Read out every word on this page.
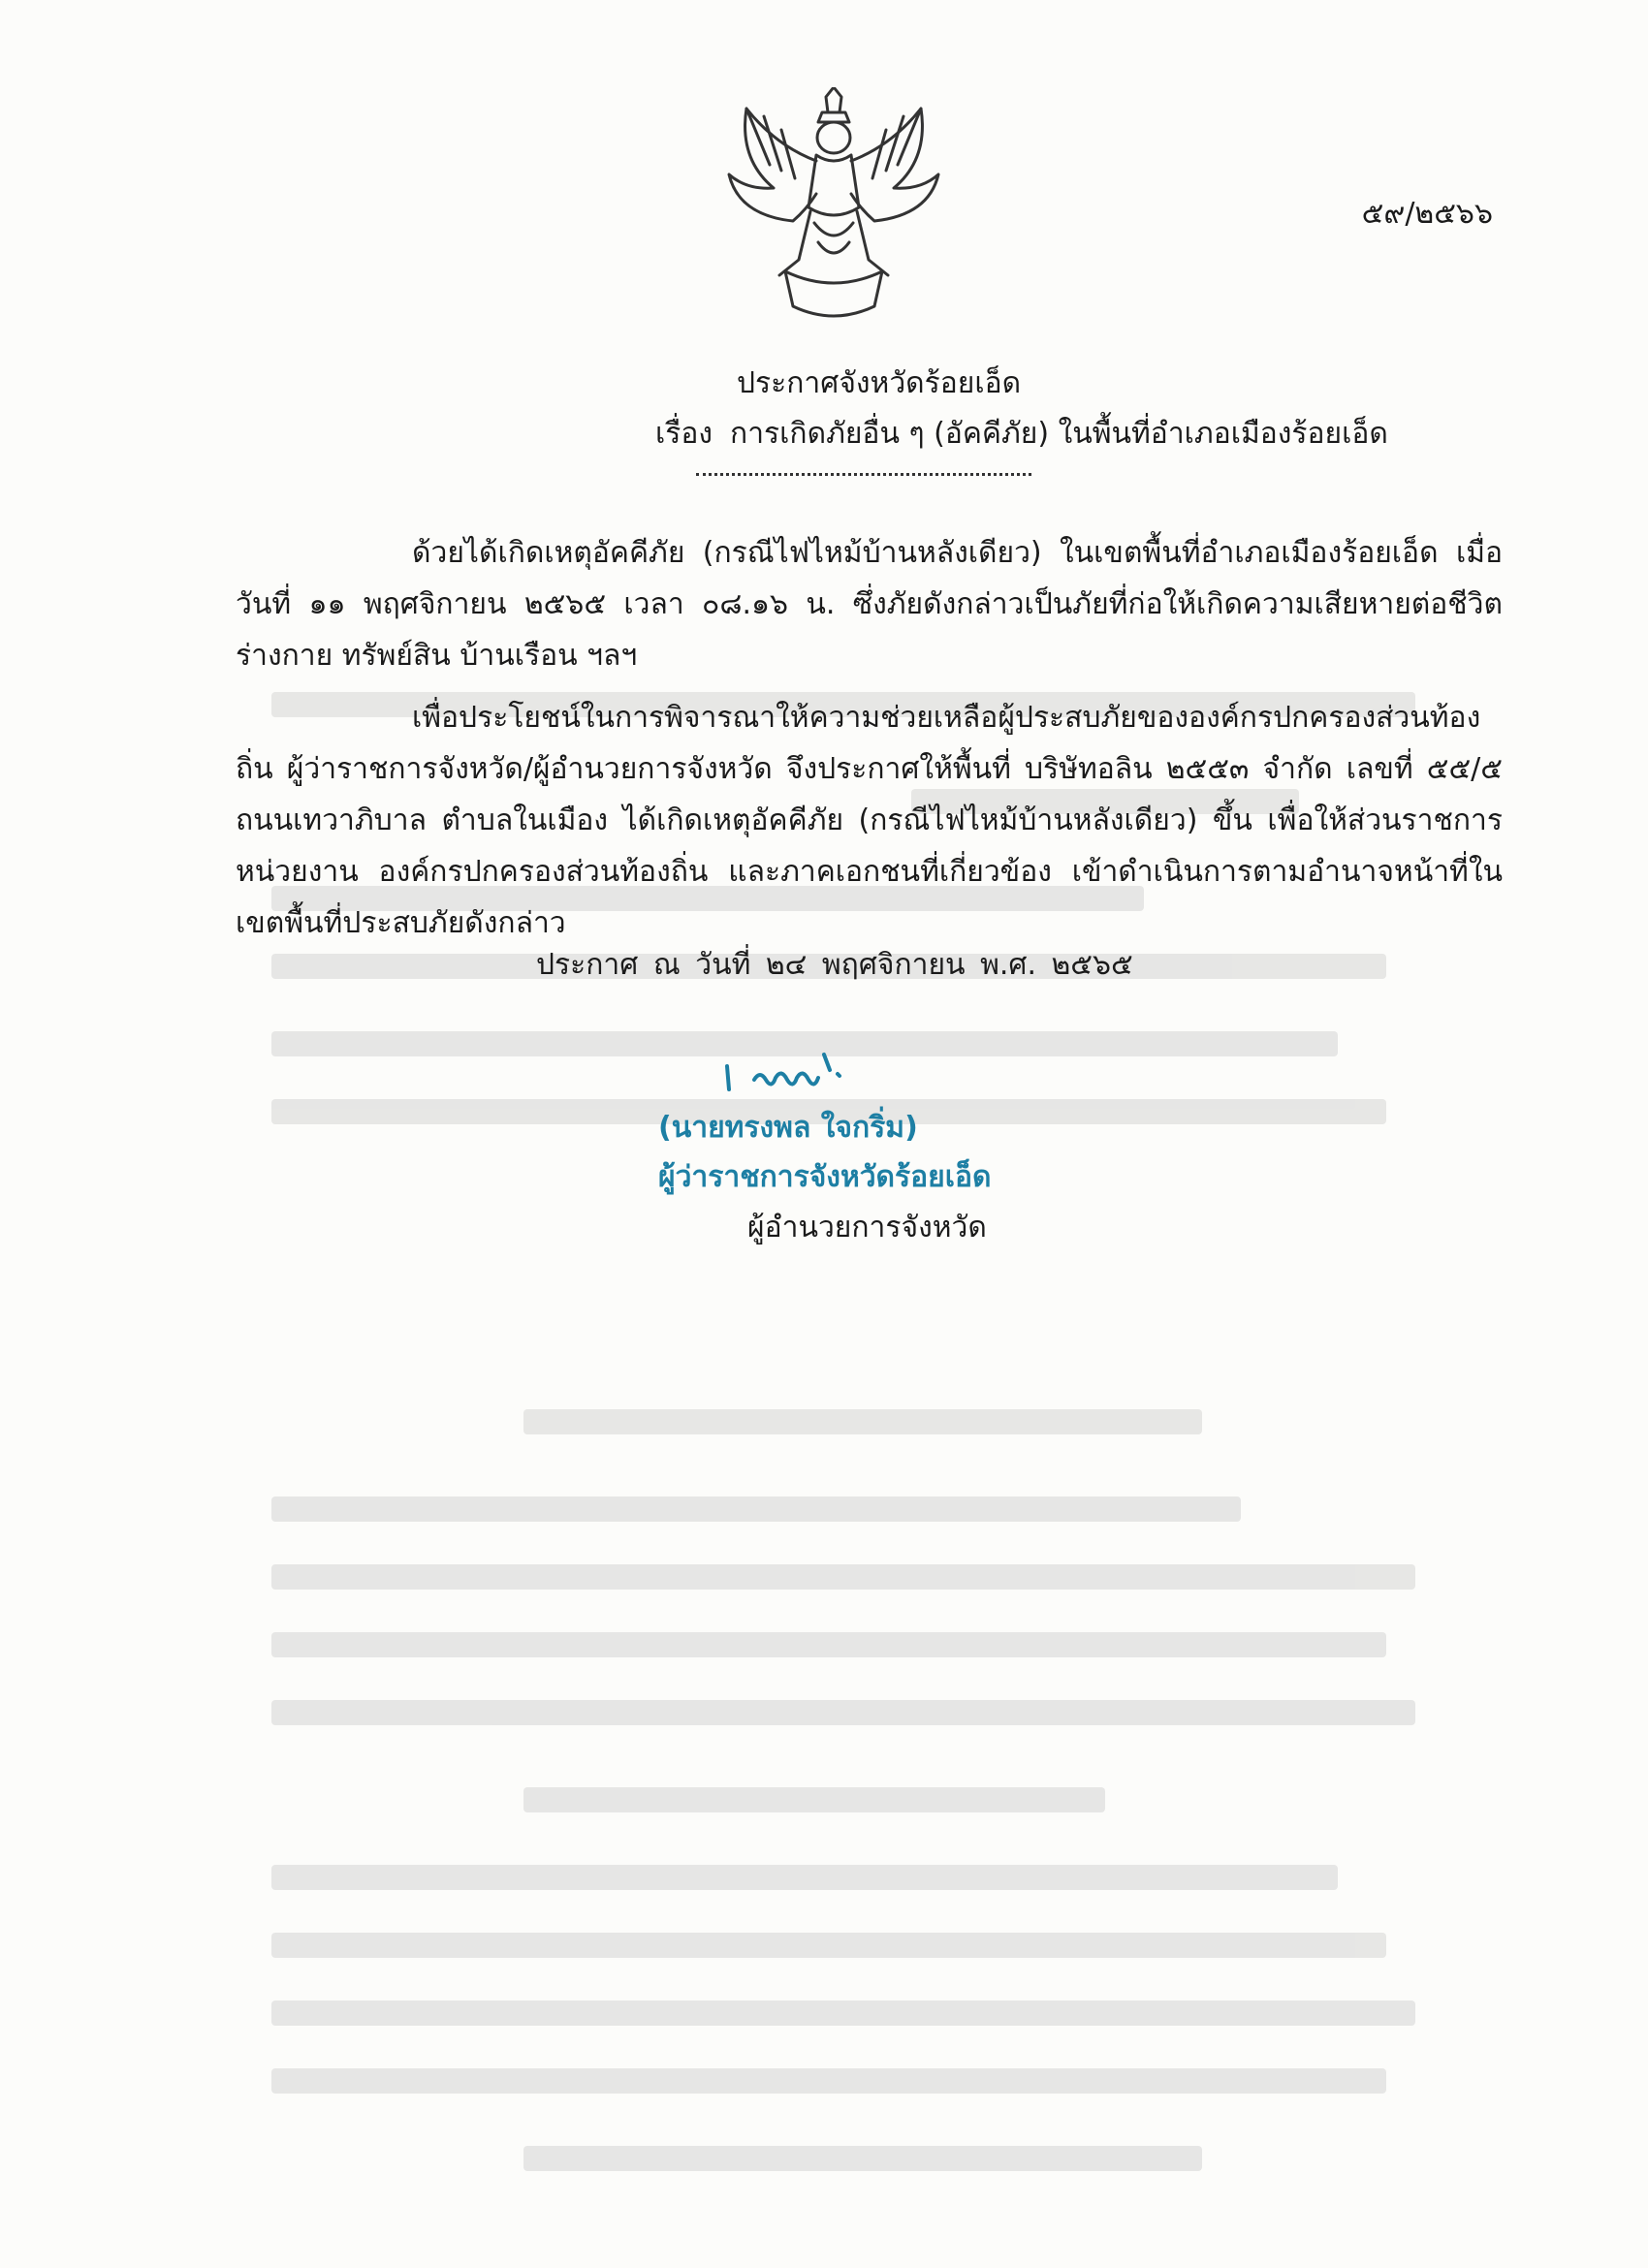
๕๙/๒๕๖๖
ประกาศจังหวัดร้อยเอ็ด
เรื่อง การเกิดภัยอื่น ๆ (อัคคีภัย) ในพื้นที่อำเภอเมืองร้อยเอ็ด
ด้วยได้เกิดเหตุอัคคีภัย (กรณีไฟไหม้บ้านหลังเดียว) ในเขตพื้นที่อำเภอเมืองร้อยเอ็ด เมื่อวันที่ ๑๑ พฤศจิกายน ๒๕๖๕ เวลา ๐๘.๑๖ น. ซึ่งภัยดังกล่าวเป็นภัยที่ก่อให้เกิดความเสียหายต่อชีวิต ร่างกาย ทรัพย์สิน บ้านเรือน ฯลฯ
เพื่อประโยชน์ในการพิจารณาให้ความช่วยเหลือผู้ประสบภัยขององค์กรปกครองส่วนท้องถิ่น ผู้ว่าราชการจังหวัด/ผู้อำนวยการจังหวัด จึงประกาศให้พื้นที่ บริษัทอลิน ๒๕๕๓ จำกัด เลขที่ ๕๕/๕ ถนนเทวาภิบาล ตำบลในเมือง ได้เกิดเหตุอัคคีภัย (กรณีไฟไหม้บ้านหลังเดียว) ขึ้น เพื่อให้ส่วนราชการ หน่วยงาน องค์กรปกครองส่วนท้องถิ่น และภาคเอกชนที่เกี่ยวข้อง เข้าดำเนินการตามอำนาจหน้าที่ในเขตพื้นที่ประสบภัยดังกล่าว
ประกาศ ณ วันที่ ๒๔ พฤศจิกายน พ.ศ. ๒๕๖๕
(นายทรงพล ใจกริ่ม)
ผู้ว่าราชการจังหวัดร้อยเอ็ด
ผู้อำนวยการจังหวัด
